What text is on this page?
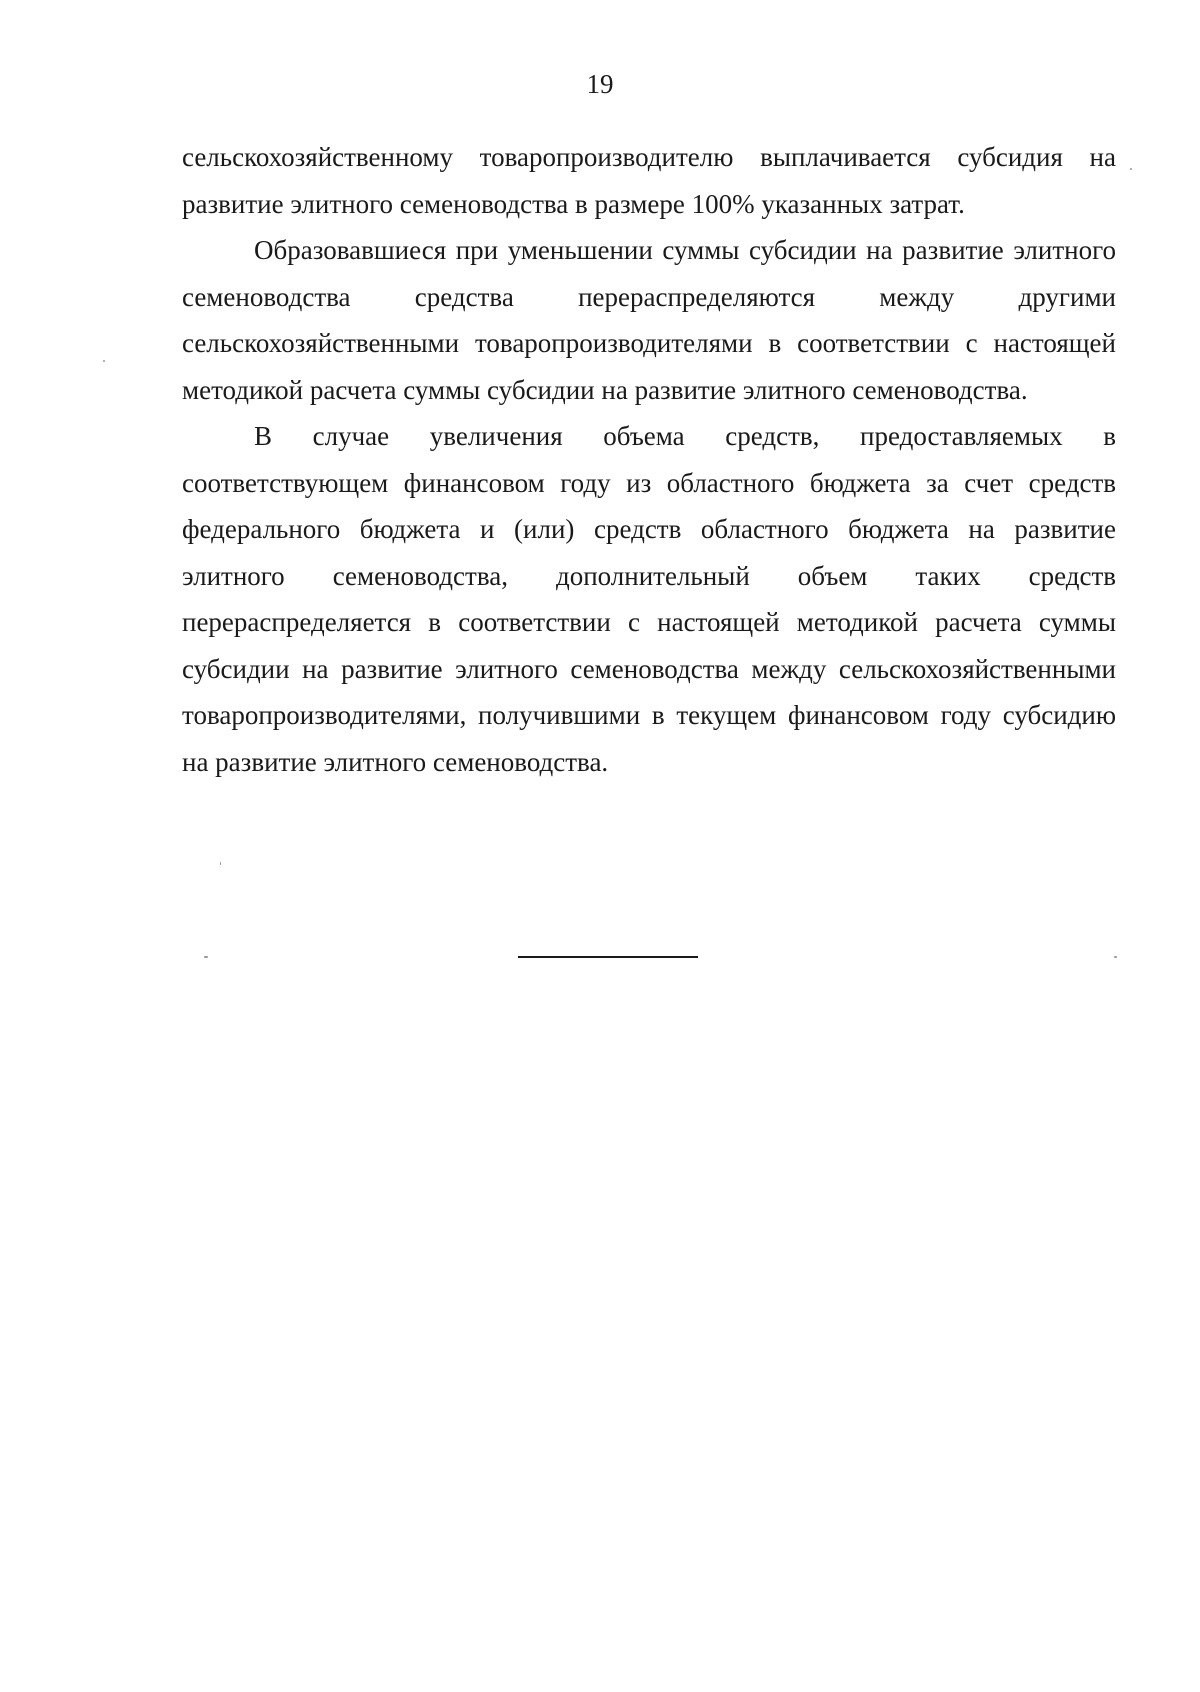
19

сельскохозяйственному товаропроизводителю выплачивается субсидия на развитие элитного семеноводства в размере 100% указанных затрат.

Образовавшиеся при уменьшении суммы субсидии на развитие элитного семеноводства средства перераспределяются между другими сельскохозяйственными товаропроизводителями в соответствии с настоящей методикой расчета суммы субсидии на развитие элитного семеноводства.

В случае увеличения объема средств, предоставляемых в соответствующем финансовом году из областного бюджета за счет средств федерального бюджета и (или) средств областного бюджета на развитие элитного семеноводства, дополнительный объем таких средств перераспределяется в соответствии с настоящей методикой расчета суммы субсидии на развитие элитного семеноводства между сельскохозяйственными товаропроизводителями, получившими в текущем финансовом году субсидию на развитие элитного семеноводства.
